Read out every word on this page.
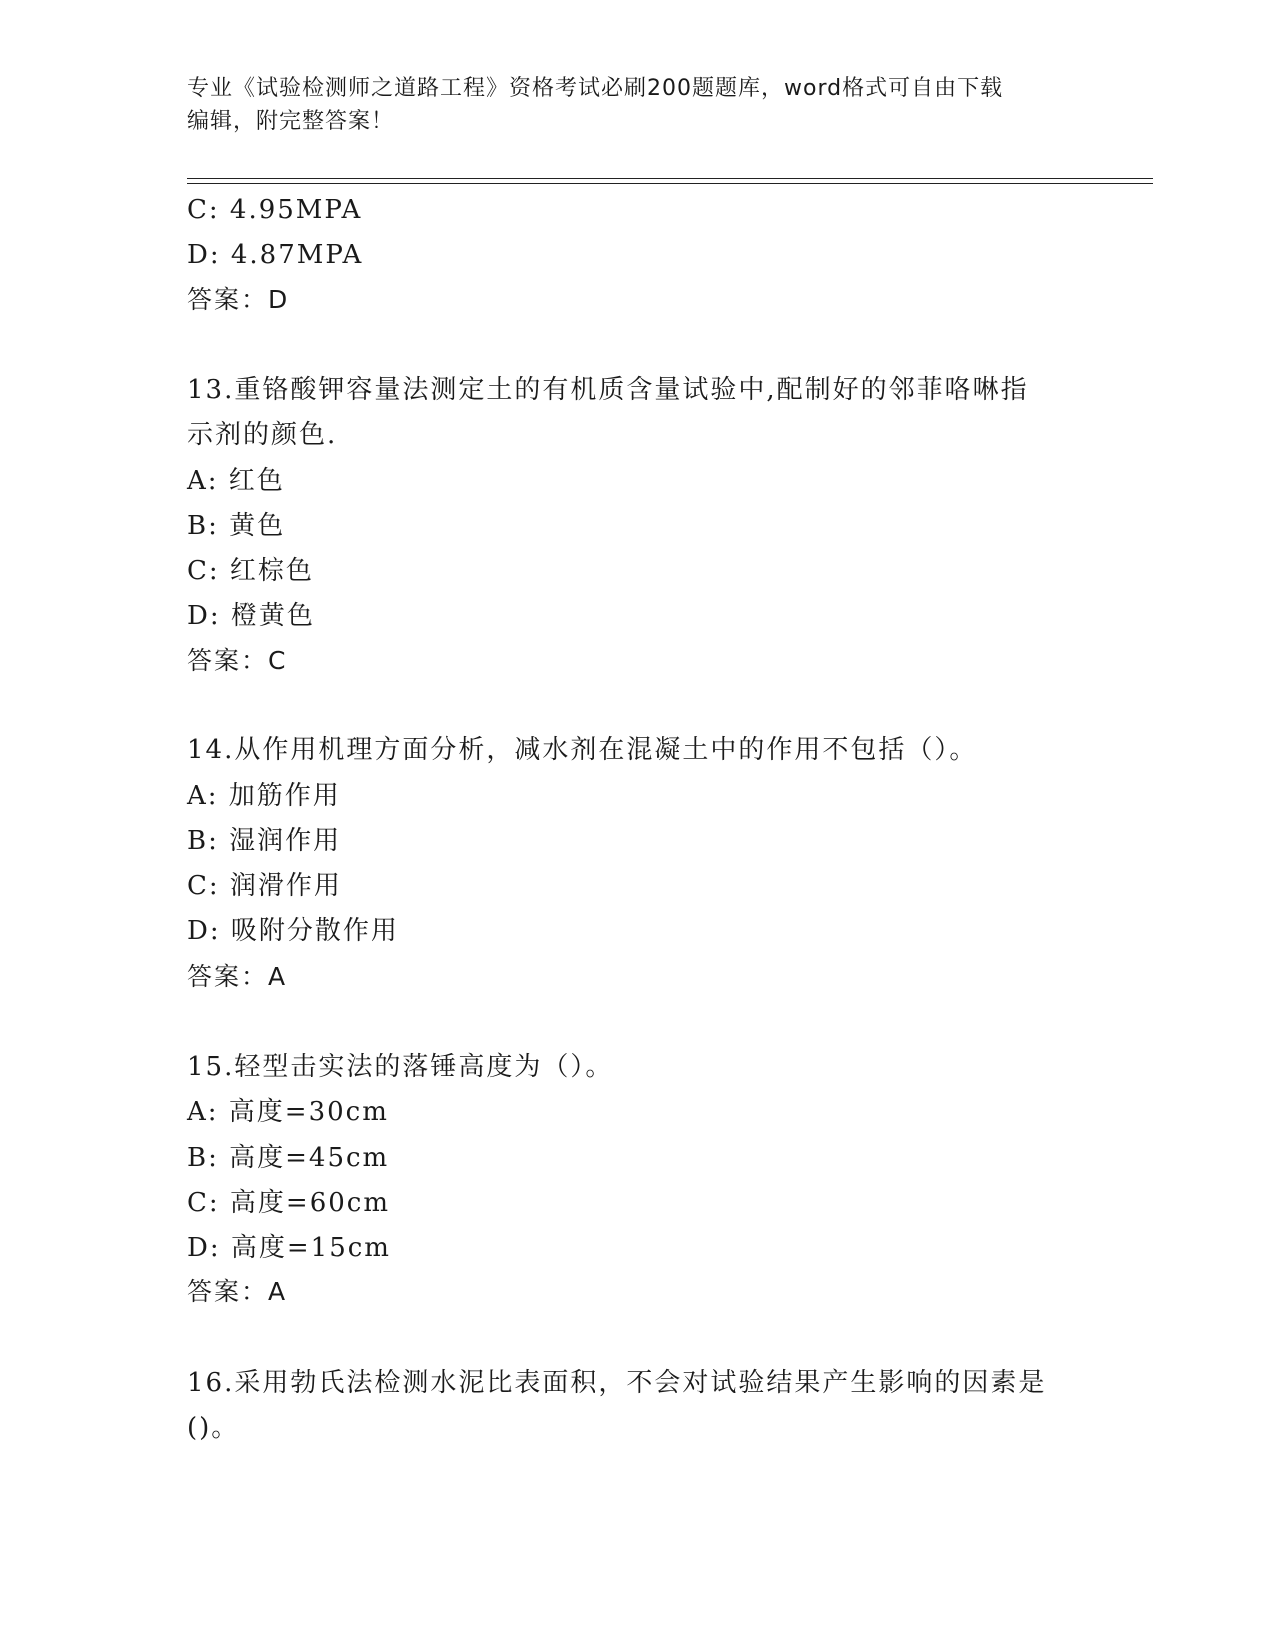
专业《试验检测师之道路工程》资格考试必刷200题题库，word格式可自由下载
编辑，附完整答案！
C: 4.95MPA
D: 4.87MPA
答案：D
13.重铬酸钾容量法测定土的有机质含量试验中,配制好的邻菲咯啉指
示剂的颜色.
A: 红色
B: 黄色
C: 红棕色
D: 橙黄色
答案：C
14.从作用机理方面分析，减水剂在混凝土中的作用不包括（）。
A: 加筋作用
B: 湿润作用
C: 润滑作用
D: 吸附分散作用
答案：A
15.轻型击实法的落锤高度为（）。
A: 高度=30cm
B: 高度=45cm
C: 高度=60cm
D: 高度=15cm
答案：A
16.采用勃氏法检测水泥比表面积，不会对试验结果产生影响的因素是
()。
